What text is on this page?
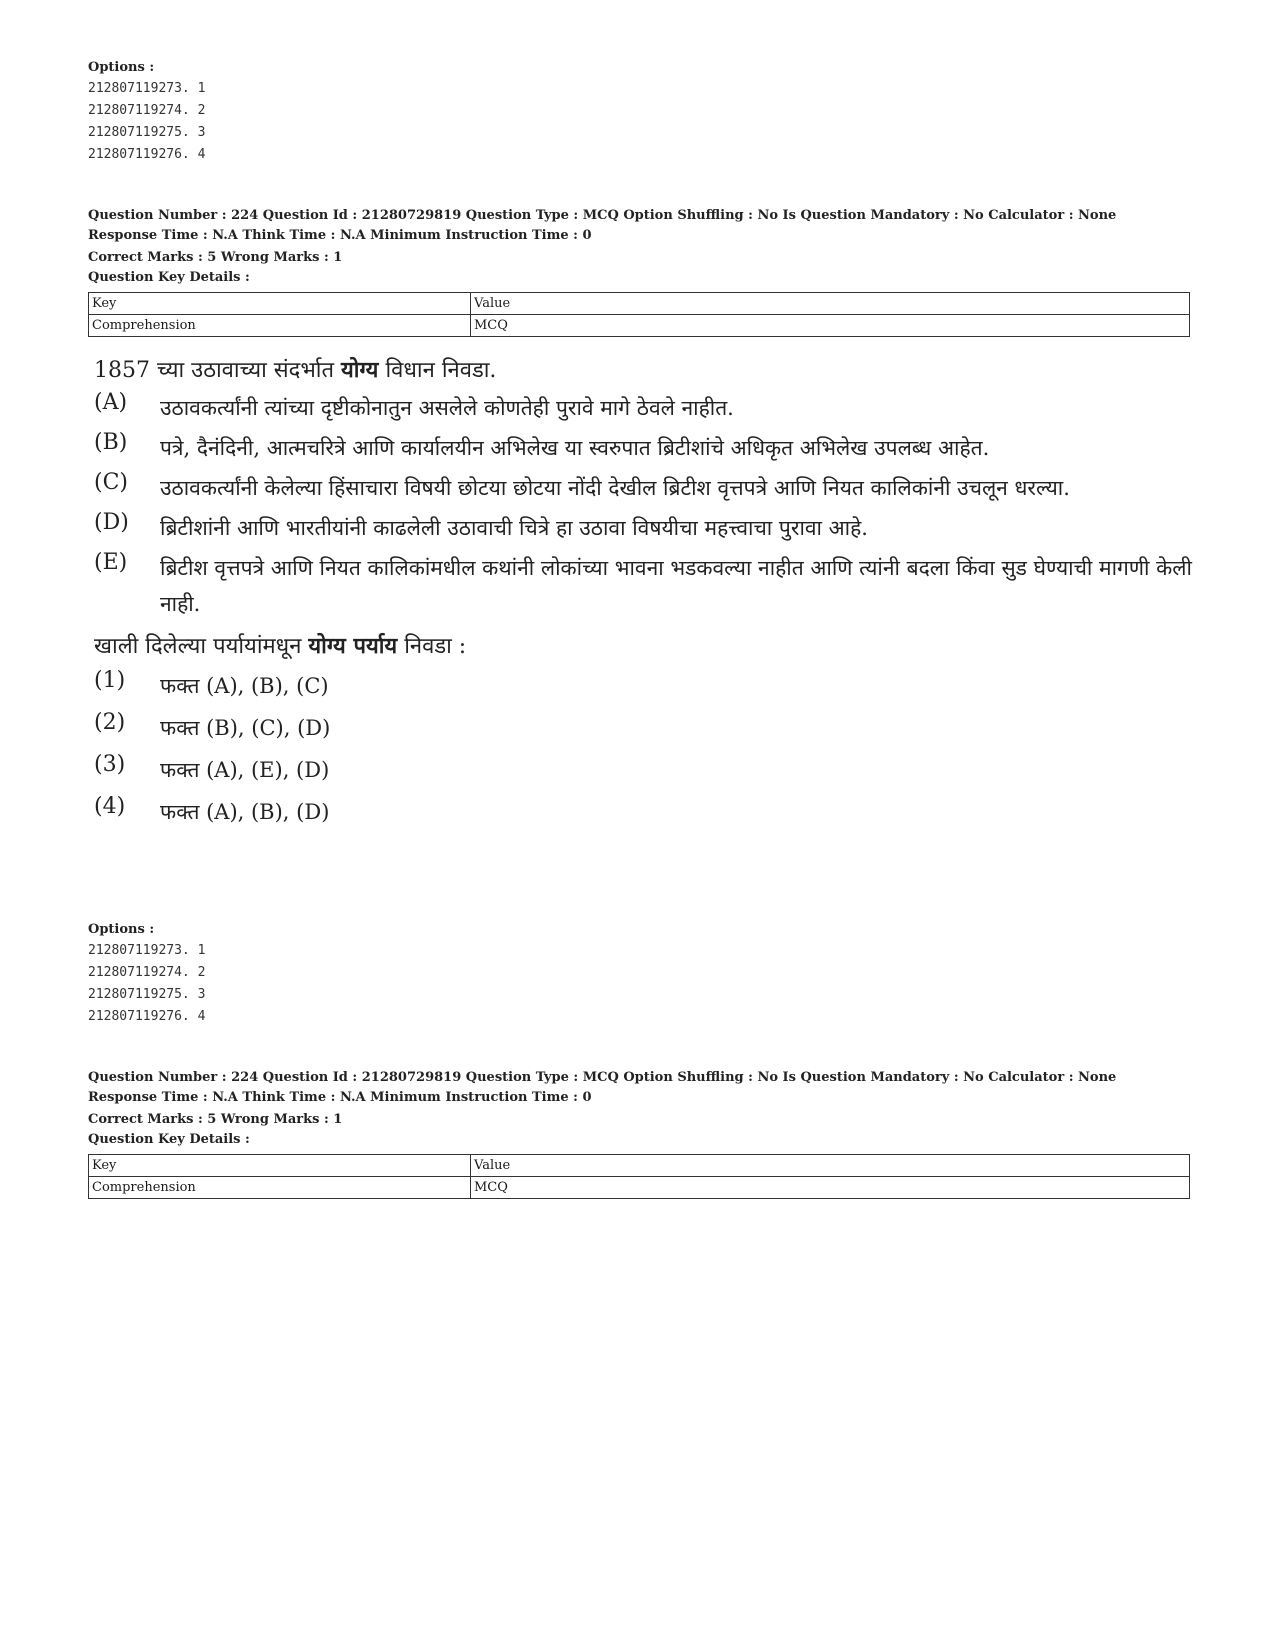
Options :
212807119273. 1
212807119274. 2
212807119275. 3
212807119276. 4
Question Number : 224 Question Id : 21280729819 Question Type : MCQ Option Shuffling : No Is Question Mandatory : No Calculator : None
Response Time : N.A Think Time : N.A Minimum Instruction Time : 0
Correct Marks : 5 Wrong Marks : 1
Question Key Details :
Key	Value
Comprehension	MCQ
1857 च्या उठावाच्या संदर्भात योग्य विधान निवडा.
(A)	उठावकर्त्यांनी त्यांच्या दृष्टीकोनातुन असलेले कोणतेही पुरावे मागे ठेवले नाहीत.
(B)	पत्रे, दैनंदिनी, आत्मचरित्रे आणि कार्यालयीन अभिलेख या स्वरुपात ब्रिटीशांचे अधिकृत अभिलेख उपलब्ध आहेत.
(C)	उठावकर्त्यांनी केलेल्या हिंसाचारा विषयी छोटया छोटया नोंदी देखील ब्रिटीश वृत्तपत्रे आणि नियत कालिकांनी उचलून धरल्या.
(D)	ब्रिटीशांनी आणि भारतीयांनी काढलेली उठावाची चित्रे हा उठावा विषयीचा महत्त्वाचा पुरावा आहे.
(E)	ब्रिटीश वृत्तपत्रे आणि नियत कालिकांमधील कथांनी लोकांच्या भावना भडकवल्या नाहीत आणि त्यांनी बदला किंवा सुड घेण्याची मागणी केली नाही.
खाली दिलेल्या पर्यायांमधून योग्य पर्याय निवडा :
(1)	फक्त (A), (B), (C)
(2)	फक्त (B), (C), (D)
(3)	फक्त (A), (E), (D)
(4)	फक्त (A), (B), (D)
Options :
212807119273. 1
212807119274. 2
212807119275. 3
212807119276. 4
Question Number : 224 Question Id : 21280729819 Question Type : MCQ Option Shuffling : No Is Question Mandatory : No Calculator : None
Response Time : N.A Think Time : N.A Minimum Instruction Time : 0
Correct Marks : 5 Wrong Marks : 1
Question Key Details :
Key	Value
Comprehension	MCQ
